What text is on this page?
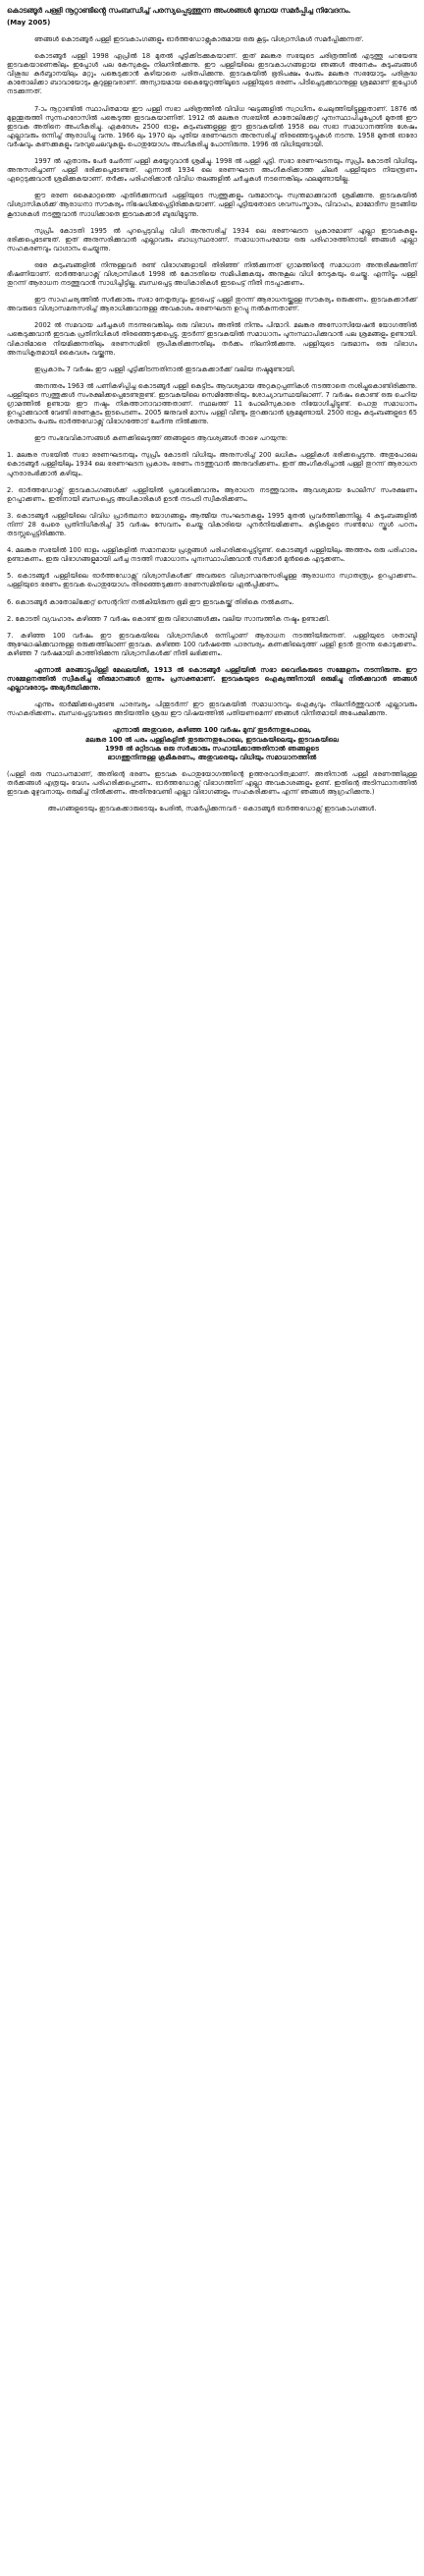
കൊടങ്ങൂർ പള്ളി നൂറ്റാണ്ടിൻ്റെ സംബന്ധിച്ച് പരസ്യപ്പെടുത്തുന്ന അംശങ്ങൾ മുമ്പായ സമർപ്പിച്ച നിവേദനം.
(May 2005)

ഞങ്ങൾ കൊടങ്ങൂർ പള്ളി ഇടവകാംഗങ്ങളും ഓർത്തഡോക്സുകാരുമായ ഒരു കൂട്ടം വിശ്വാസികൾ സമർപ്പിക്കുന്നത്.

കൊടങ്ങൂർ പള്ളി 1998 ഏപ്രിൽ 18 മുതൽ പൂട്ടിക്കിടക്കുകയാണ്. ഇത് മലങ്കര സഭയുടെ ചരിത്രത്തിൽ എടുത്തു പറയേണ്ട ഇടവകയാണെങ്കിലും ഇപ്പോൾ പല കേസുകളും നിലനിൽക്കുന്നു. ഈ പള്ളിയിലെ ഇടവകാംഗങ്ങളായ ഞങ്ങൾ അനേകം കുടുംബങ്ങൾ വിശുദ്ധ കുർബ്ബാനയിലും മറ്റും പങ്കെടുക്കാൻ കഴിയാതെ പരിതപിക്കുന്നു. ഇടവകയിൽ ഭൂരിപക്ഷം പേരും മലങ്കര സഭയോടും പരിശുദ്ധ കാതോലിക്കാ ബാവായോടും കൂറുള്ളവരാണ്. അന്യായമായ കൈയ്യേറ്റത്തിലൂടെ പള്ളിയുടെ ഭരണം പിടിച്ചെടുക്കുവാനുള്ള ശ്രമമാണ് ഇപ്പോൾ നടക്കുന്നത്.

7-ാം നൂറ്റാണ്ടിൽ സ്ഥാപിതമായ ഈ പള്ളി സഭാ ചരിത്രത്തിൽ വിവിധ ഘട്ടങ്ങളിൽ സ്വാധീനം ചെലുത്തിയിട്ടുള്ളതാണ്. 1876 ൽ മുളന്തുരുത്തി സുന്നഹദോസിൽ പങ്കെടുത്ത ഇടവകയാണിത്. 1912 ൽ മലങ്കര സഭയിൽ കാതോലിക്കേറ്റ് പുനഃസ്ഥാപിച്ചപ്പോൾ മുതൽ ഈ ഇടവക അതിനെ അംഗീകരിച്ചു. ഏകദേശം 2500 ഓളം കുടുംബങ്ങളുള്ള ഈ ഇടവകയിൽ 1958 ലെ സഭാ സമാധാനത്തിനു ശേഷം എല്ലാവരും ഒന്നിച്ച് ആരാധിച്ചു വന്നു. 1966 ലും 1970 ലും പുതിയ ഭരണഘടന അനുസരിച്ച് തിരഞ്ഞെടുപ്പുകൾ നടന്നു. 1958 മുതൽ ഓരോ വർഷവും കണക്കുകളും വരവുചെലവുകളും പൊതുയോഗം അംഗീകരിച്ചു പോന്നിരുന്നു. 1996 ൽ വിധിയുണ്ടായി.

1997 ൽ ഏതാനും പേർ ചേർന്ന് പള്ളി കയ്യേറുവാൻ ശ്രമിച്ചു. 1998 ൽ പള്ളി പൂട്ടി. സഭാ ഭരണഘടനയും സുപ്രീം കോടതി വിധിയും അനുസരിച്ചാണ് പള്ളി ഭരിക്കപ്പെടേണ്ടത്. എന്നാൽ 1934 ലെ ഭരണഘടന അംഗീകരിക്കാത്ത ചിലർ പള്ളിയുടെ നിയന്ത്രണം ഏറ്റെടുക്കുവാൻ ശ്രമിക്കുകയാണ്. തർക്കം പരിഹരിക്കാൻ വിവിധ തലങ്ങളിൽ ചർച്ചകൾ നടന്നെങ്കിലും ഫലമുണ്ടായില്ല.

ഈ ഭരണ കൈമാറ്റത്തെ എതിർക്കുന്നവർ പള്ളിയുടെ സ്വത്തുക്കളും വരുമാനവും സ്വന്തമാക്കുവാൻ ശ്രമിക്കുന്നു. ഇടവകയിൽ വിശ്വാസികൾക്ക് ആരാധനാ സൗകര്യം നിഷേധിക്കപ്പെട്ടിരിക്കുകയാണ്. പള്ളി പൂട്ടിയതോടെ ശവസംസ്കാരം, വിവാഹം, മാമോദീസ തുടങ്ങിയ കൂദാശകൾ നടത്തുവാൻ സാധിക്കാതെ ഇടവകക്കാർ ബുദ്ധിമുട്ടുന്നു.

സുപ്രീം കോടതി 1995 ൽ പുറപ്പെടുവിച്ച വിധി അനുസരിച്ച് 1934 ലെ ഭരണഘടന പ്രകാരമാണ് എല്ലാ ഇടവകകളും ഭരിക്കപ്പെടേണ്ടത്. ഇത് അനുസരിക്കുവാൻ എല്ലാവരും ബാധ്യസ്ഥരാണ്. സമാധാനപരമായ ഒരു പരിഹാരത്തിനായി ഞങ്ങൾ എല്ലാ സഹകരണവും വാഗ്ദാനം ചെയ്യുന്നു.

ഒരേ കുടുംബങ്ങളിൽ നിന്നുള്ളവർ രണ്ട് വിഭാഗങ്ങളായി തിരിഞ്ഞ് നിൽക്കുന്നത് ഗ്രാമത്തിന്റെ സമാധാന അന്തരീക്ഷത്തിന് ഭീഷണിയാണ്. ഓർത്തഡോക്സ് വിശ്വാസികൾ 1998 ൽ കോടതിയെ സമീപിക്കുകയും അനുകൂല വിധി നേടുകയും ചെയ്തു. എന്നിട്ടും പള്ളി തുറന്ന് ആരാധന നടത്തുവാൻ സാധിച്ചിട്ടില്ല. ബന്ധപ്പെട്ട അധികാരികൾ ഇടപെട്ട് നീതി നടപ്പാക്കണം.

ഈ സാഹചര്യത്തിൽ സർക്കാരും സഭാ നേതൃത്വവും ഇടപെട്ട് പള്ളി തുറന്ന് ആരാധനയ്ക്കുള്ള സൗകര്യം ഒരുക്കണം. ഇടവകക്കാർക്ക് അവരുടെ വിശ്വാസമനുസരിച്ച് ആരാധിക്കുവാനുള്ള അവകാശം ഭരണഘടന ഉറപ്പു നൽകുന്നതാണ്.

2002 ൽ സമവായ ചർച്ചകൾ നടന്നുവെങ്കിലും ഒരു വിഭാഗം അതിൽ നിന്നും പിന്മാറി. മലങ്കര അസോസിയേഷൻ യോഗത്തിൽ പങ്കെടുക്കുവാൻ ഇടവക പ്രതിനിധികൾ തിരഞ്ഞെടുക്കപ്പെട്ടു. തുടർന്ന് ഇടവകയിൽ സമാധാനം പുനഃസ്ഥാപിക്കുവാൻ പല ശ്രമങ്ങളും ഉണ്ടായി. വികാരിമാരെ നിയമിക്കുന്നതിലും ഭരണസമിതി രൂപീകരിക്കുന്നതിലും തർക്കം നിലനിൽക്കുന്നു. പള്ളിയുടെ വരുമാനം ഒരു വിഭാഗം അനധികൃതമായി കൈവശം വയ്ക്കുന്നു.

ഇപ്രകാരം 7 വർഷം ഈ പള്ളി പൂട്ടിക്കിടന്നതിനാൽ ഇടവകക്കാർക്ക് വലിയ നഷ്ടമുണ്ടായി.

അനന്തരം 1963 ൽ പണികഴിപ്പിച്ച കൊടങ്ങൂർ പള്ളി കെട്ടിടം ആവശ്യമായ അറ്റകുറ്റപ്പണികൾ നടത്താതെ നശിച്ചുകൊണ്ടിരിക്കുന്നു. പള്ളിയുടെ സ്വത്തുക്കൾ സംരക്ഷിക്കപ്പെടേണ്ടതുണ്ട്. ഇടവകയിലെ സെമിത്തേരിയും ശോച്യാവസ്ഥയിലാണ്. 7 വർഷം കൊണ്ട് ഒരു ചെറിയ ഗ്രാമത്തിൽ ഉണ്ടായ ഈ നഷ്ടം നികത്താനാവാത്തതാണ്. സ്ഥലത്ത് 11 പോലീസുകാരെ നിയോഗിച്ചിട്ടുണ്ട്. പൊതു സമാധാനം ഉറപ്പാക്കുവാൻ വേണ്ടി ഭരണകൂടം ഇടപെടണം. 2005 ജനുവരി മാസം പള്ളി വീണ്ടും തുറക്കുവാൻ ശ്രമമുണ്ടായി. 2500 ഓളം കുടുംബങ്ങളുടെ 65 ശതമാനം പേരും ഓർത്തഡോക്സ് വിഭാഗത്തോട് ചേർന്നു നിൽക്കുന്നു.

ഈ സംഭവവികാസങ്ങൾ കണക്കിലെടുത്ത് ഞങ്ങളുടെ ആവശ്യങ്ങൾ താഴെ പറയുന്നു:

1. മലങ്കര സഭയിൽ സഭാ ഭരണഘടനയും സുപ്രീം കോടതി വിധിയും അനുസരിച്ച് 200 ലധികം പള്ളികൾ ഭരിക്കപ്പെടുന്നു. അതുപോലെ കൊടങ്ങൂർ പള്ളിയിലും 1934 ലെ ഭരണഘടന പ്രകാരം ഭരണം നടത്തുവാൻ അനുവദിക്കണം. ഇത് അംഗീകരിച്ചാൽ പള്ളി തുറന്ന് ആരാധന പുനരാരംഭിക്കാൻ കഴിയും.

2. ഓർത്തഡോക്സ് ഇടവകാംഗങ്ങൾക്ക് പള്ളിയിൽ പ്രവേശിക്കുവാനും ആരാധന നടത്തുവാനും ആവശ്യമായ പോലീസ് സംരക്ഷണം ഉറപ്പാക്കണം. ഇതിനായി ബന്ധപ്പെട്ട അധികാരികൾ ഉടൻ നടപടി സ്വീകരിക്കണം.

3. കൊടങ്ങൂർ പള്ളിയിലെ വിവിധ പ്രാർത്ഥനാ യോഗങ്ങളും ആത്മീയ സംഘടനകളും 1995 മുതൽ പ്രവർത്തിക്കുന്നില്ല. 4 കുടുംബങ്ങളിൽ നിന്ന് 28 പേരെ പ്രതിനിധീകരിച്ച് 35 വർഷം സേവനം ചെയ്ത വികാരിയെ പുനർനിയമിക്കണം. കുട്ടികളുടെ സൺഡേ സ്കൂൾ പഠനം തടസ്സപ്പെട്ടിരിക്കുന്നു.

4. മലങ്കര സഭയിൽ 100 ഓളം പള്ളികളിൽ സമാനമായ പ്രശ്നങ്ങൾ പരിഹരിക്കപ്പെട്ടിട്ടുണ്ട്. കൊടങ്ങൂർ പള്ളിയിലും അത്തരം ഒരു പരിഹാരം ഉണ്ടാകണം. ഇരു വിഭാഗങ്ങളുമായി ചർച്ച നടത്തി സമാധാനം പുനഃസ്ഥാപിക്കുവാൻ സർക്കാർ മുൻകൈ എടുക്കണം.

5. കൊടങ്ങൂർ പള്ളിയിലെ ഓർത്തഡോക്സ് വിശ്വാസികൾക്ക് അവരുടെ വിശ്വാസമനുസരിച്ചുള്ള ആരാധനാ സ്വാതന്ത്ര്യം ഉറപ്പാക്കണം. പള്ളിയുടെ ഭരണം ഇടവക പൊതുയോഗം തിരഞ്ഞെടുക്കുന്ന ഭരണസമിതിയെ ഏൽപ്പിക്കണം.

6. കൊടങ്ങൂർ കാതോലിക്കേറ്റ് സെന്ററിന് നൽകിയിരുന്ന ഭൂമി ഈ ഇടവകയ്ക്ക് തിരികെ നൽകണം.

2. കോടതി വ്യവഹാരം കഴിഞ്ഞ 7 വർഷം കൊണ്ട് ഇരു വിഭാഗങ്ങൾക്കും വലിയ സാമ്പത്തിക നഷ്ടം ഉണ്ടാക്കി.

7. കഴിഞ്ഞ 100 വർഷം ഈ ഇടവകയിലെ വിശ്വാസികൾ ഒന്നിച്ചാണ് ആരാധന നടത്തിയിരുന്നത്. പള്ളിയുടെ ശതാബ്ദി ആഘോഷിക്കുവാനുള്ള ഒരുക്കത്തിലാണ് ഇടവക. കഴിഞ്ഞ 100 വർഷത്തെ പാരമ്പര്യം കണക്കിലെടുത്ത് പള്ളി ഉടൻ തുറന്നു കൊടുക്കണം. കഴിഞ്ഞ 7 വർഷമായി കാത്തിരിക്കുന്ന വിശ്വാസികൾക്ക് നീതി ലഭിക്കണം.

എന്നാൽ മരങ്ങാട്ടുപിള്ളി മേഖലയിൽ, 1913 ൽ കൊടങ്ങൂർ പള്ളിയിൽ സഭാ വൈദികരുടെ സമ്മേളനം നടന്നിരുന്നു. ഈ സമ്മേളനത്തിൽ സ്വീകരിച്ച തീരുമാനങ്ങൾ ഇന്നും പ്രസക്തമാണ്. ഇടവകയുടെ ഐക്യത്തിനായി ഒരുമിച്ചു നിൽക്കുവാൻ ഞങ്ങൾ എല്ലാവരോടും അഭ്യർത്ഥിക്കുന്നു.

എന്നും ഓർമ്മിക്കപ്പെടേണ്ട പാരമ്പര്യം പിന്തുടർന്ന് ഈ ഇടവകയിൽ സമാധാനവും ഐക്യവും നിലനിർത്തുവാൻ എല്ലാവരും സഹകരിക്കണം. ബന്ധപ്പെട്ടവരുടെ അടിയന്തിര ശ്രദ്ധ ഈ വിഷയത്തിൽ പതിയണമെന്ന് ഞങ്ങൾ വിനീതമായി അപേക്ഷിക്കുന്നു.

എന്നാൽ അതുവരെ, കഴിഞ്ഞ 100 വർഷം മുമ്പ് തുടർന്നതുപോലെ,
മലങ്കര 100 ൽ പരം പള്ളികളിൽ തുടരുന്നതുപോലെ, ഇടവകയിലെയും ഇടവകയിലെ
1998 ൽ മറ്റിടവക ഒരു സർക്കാരും സഹായിക്കാത്തതിനാൽ ഞങ്ങളുടെ
ഭാഗത്തുനിന്നുള്ള ക്രമീകരണം, അതുവരെയും വിധിയും സമാധാനത്തിൽ

(പള്ളി ഒരു സ്ഥാപനമാണ്, അതിന്റെ ഭരണം ഇടവക പൊതുയോഗത്തിന്റെ ഉത്തരവാദിത്വമാണ്. അതിനാൽ പള്ളി ഭരണത്തിലുള്ള തർക്കങ്ങൾ എത്രയും വേഗം പരിഹരിക്കപ്പെടണം. ഓർത്തഡോക്സ് വിഭാഗത്തിന് എല്ലാ അവകാശങ്ങളും ഉണ്ട്. ഇതിന്റെ അടിസ്ഥാനത്തിൽ ഇടവക മുഴുവനായും ഒരുമിച്ച് നിൽക്കണം. അതിനുവേണ്ടി എല്ലാ വിഭാഗങ്ങളും സഹകരിക്കണം എന്ന് ഞങ്ങൾ ആഗ്രഹിക്കുന്നു.)

അംഗങ്ങളുടെയും ഇടവകക്കാരുടെയും പേരിൽ, സമർപ്പിക്കുന്നവർ - കൊടങ്ങൂർ ഓർത്തഡോക്സ് ഇടവകാംഗങ്ങൾ.
